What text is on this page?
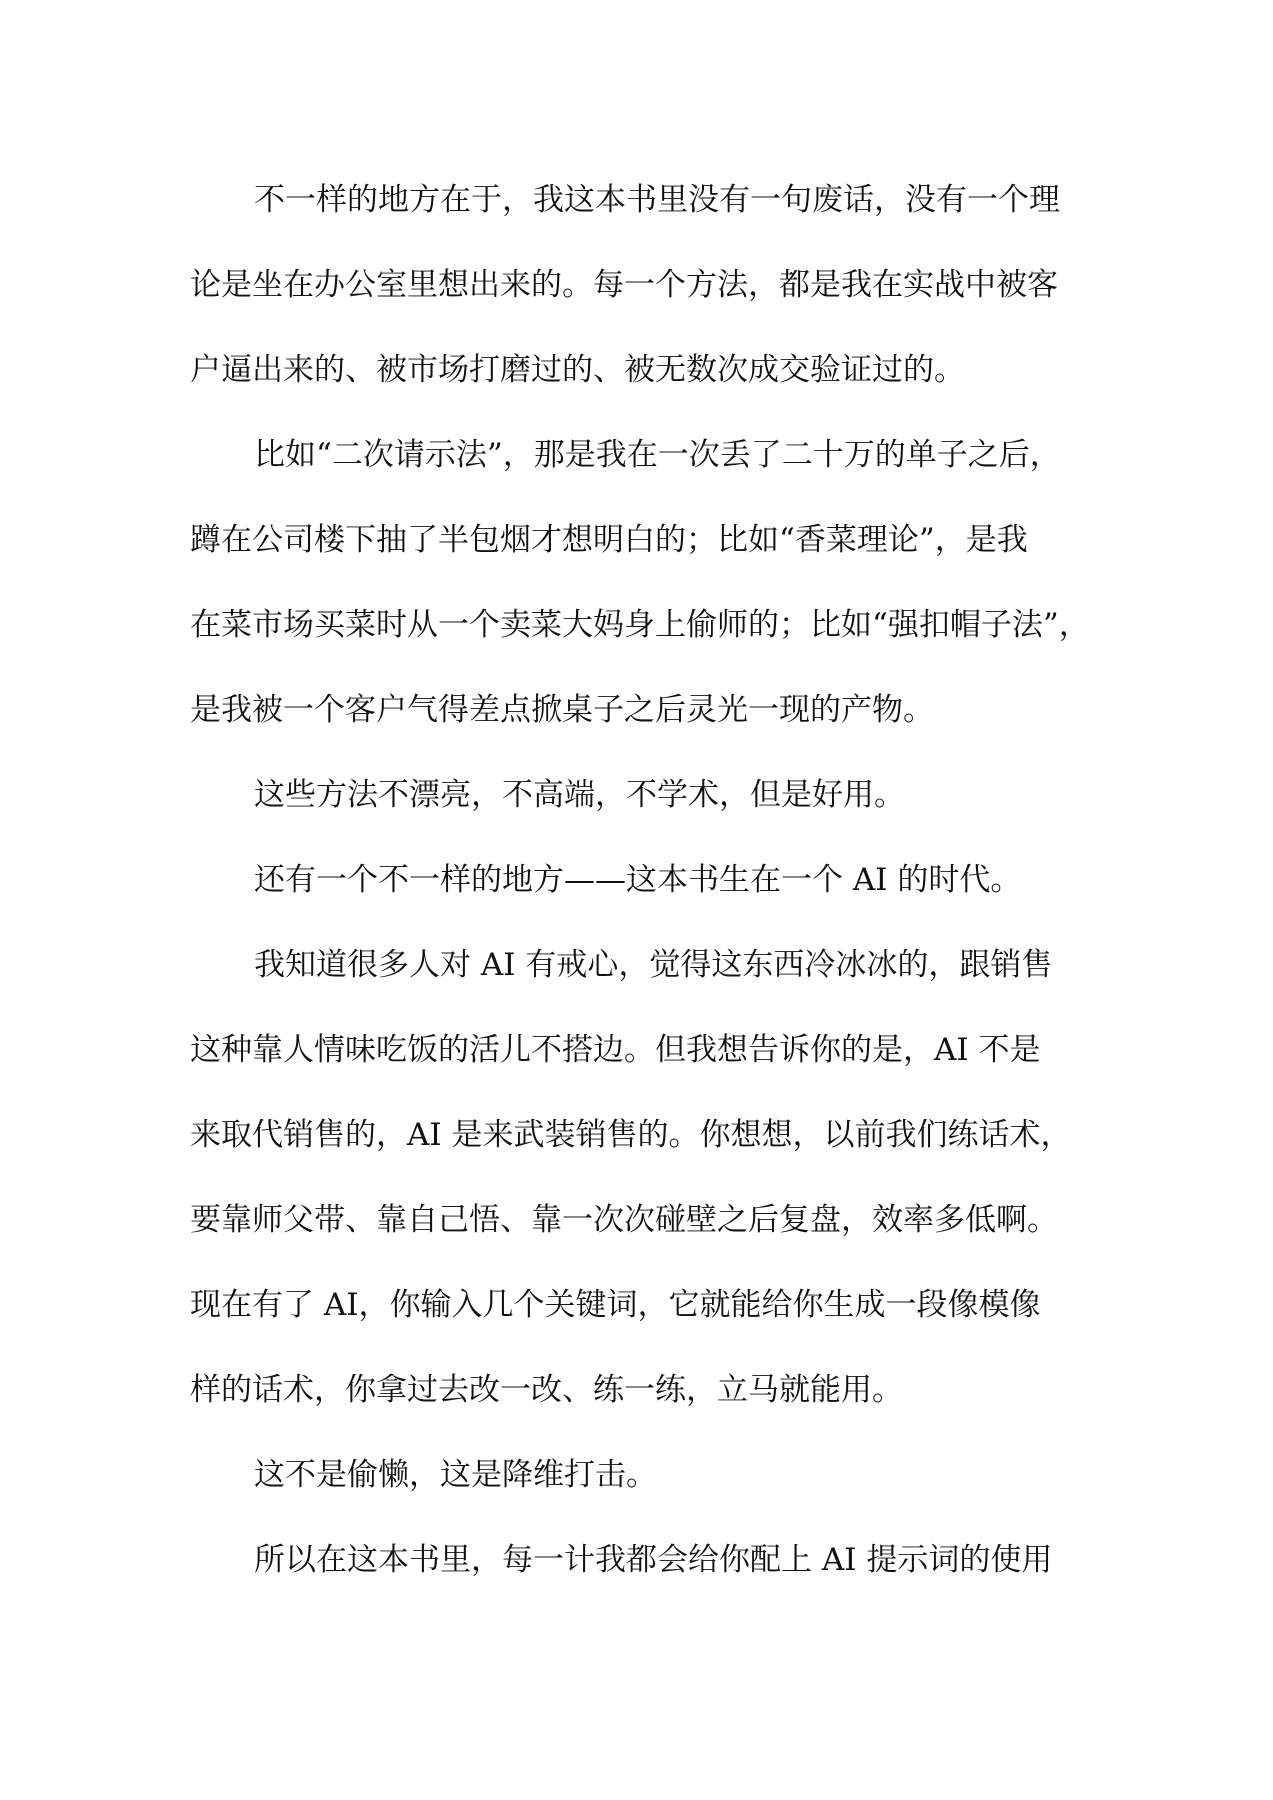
不一样的地方在于，我这本书里没有一句废话，没有一个理
论是坐在办公室里想出来的。每一个方法，都是我在实战中被客
户逼出来的、被市场打磨过的、被无数次成交验证过的。
比如“二次请示法”，那是我在一次丢了二十万的单子之后，
蹲在公司楼下抽了半包烟才想明白的；比如“香菜理论”，是我
在菜市场买菜时从一个卖菜大妈身上偷师的；比如“强扣帽子法”，
是我被一个客户气得差点掀桌子之后灵光一现的产物。
这些方法不漂亮，不高端，不学术，但是好用。
还有一个不一样的地方——这本书生在一个 AI 的时代。
我知道很多人对 AI 有戒心，觉得这东西冷冰冰的，跟销售
这种靠人情味吃饭的活儿不搭边。但我想告诉你的是，AI 不是
来取代销售的，AI 是来武装销售的。你想想，以前我们练话术，
要靠师父带、靠自己悟、靠一次次碰壁之后复盘，效率多低啊。
现在有了 AI，你输入几个关键词，它就能给你生成一段像模像
样的话术，你拿过去改一改、练一练，立马就能用。
这不是偷懒，这是降维打击。
所以在这本书里，每一计我都会给你配上 AI 提示词的使用
